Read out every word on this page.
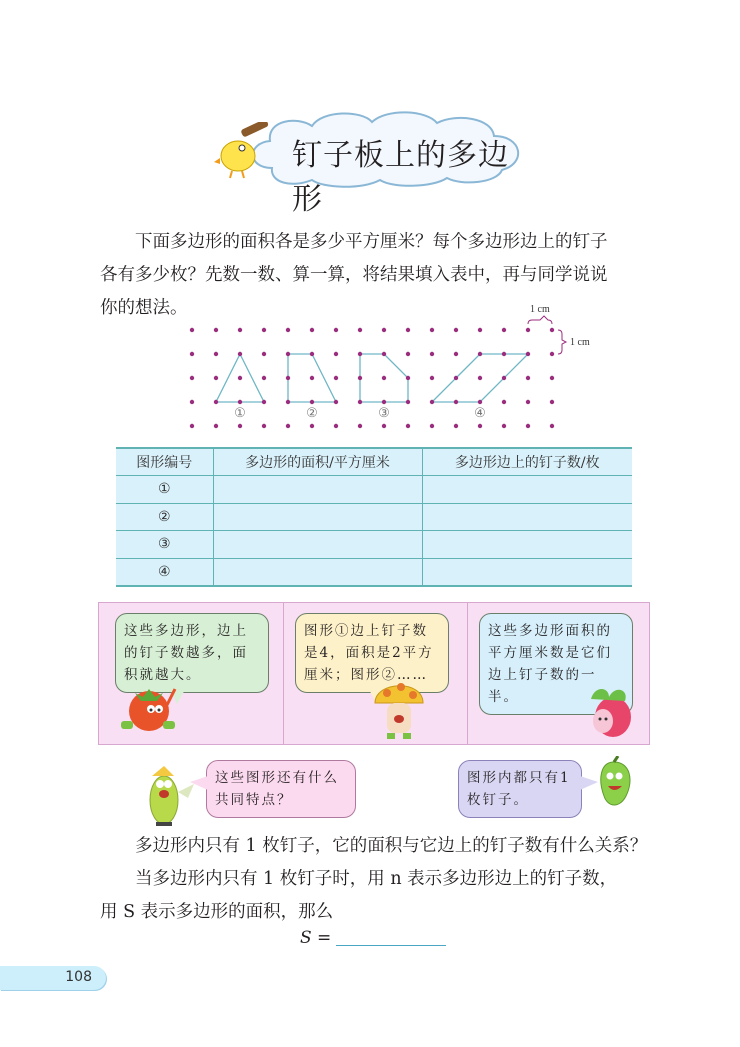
钉子板上的多边形
下面多边形的面积各是多少平方厘米？每个多边形边上的钉子
各有多少枚？先数一数、算一算，将结果填入表中，再与同学说说
你的想法。
①	②	③	④
1 cm
1 cm
图形编号	多边形的面积/平方厘米	多边形边上的钉子数/枚
①		
②		
③		
④		
这些多边形，边上的钉子数越多，面积就越大。
图形①边上钉子数是4，面积是2平方厘米；图形②……
这些多边形面积的平方厘米数是它们边上钉子数的一半。
这些图形还有什么共同特点？
图形内都只有1枚钉子。
多边形内只有 1 枚钉子，它的面积与它边上的钉子数有什么关系？
当多边形内只有 1 枚钉子时，用 n 表示多边形边上的钉子数，
用 S 表示多边形的面积，那么
S =
108
